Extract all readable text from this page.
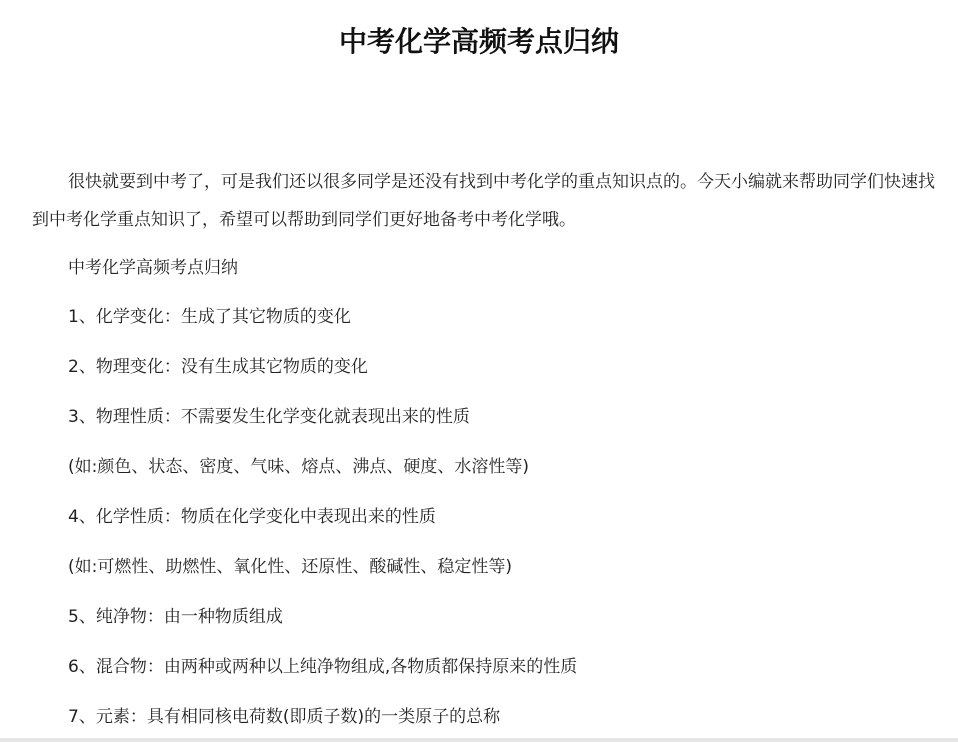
中考化学高频考点归纳

很快就要到中考了，可是我们还以很多同学是还没有找到中考化学的重点知识点的。今天小编就来帮助同学们快速找到中考化学重点知识了，希望可以帮助到同学们更好地备考中考化学哦。

中考化学高频考点归纳

1、化学变化：生成了其它物质的变化

2、物理变化：没有生成其它物质的变化

3、物理性质：不需要发生化学变化就表现出来的性质

(如:颜色、状态、密度、气味、熔点、沸点、硬度、水溶性等)

4、化学性质：物质在化学变化中表现出来的性质

(如:可燃性、助燃性、氧化性、还原性、酸碱性、稳定性等)

5、纯净物：由一种物质组成

6、混合物：由两种或两种以上纯净物组成,各物质都保持原来的性质

7、元素：具有相同核电荷数(即质子数)的一类原子的总称
